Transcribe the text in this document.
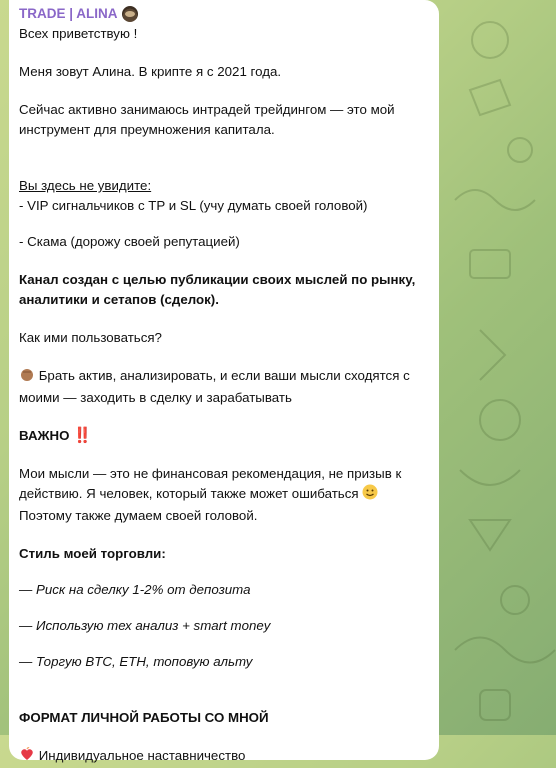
TRADE | ALINA

Всех приветствую !

Меня зовут Алина. В крипте я с 2021 года.

Сейчас активно занимаюсь интрадей трейдингом — это мой инструмент для преумножения капитала.

Вы здесь не увидите:

- VIP сигнальчиков с TP и SL (учу думать своей головой)

- Скама (дорожу своей репутацией)

Канал создан с целью публикации своих мыслей по рынку, аналитики и сетапов (сделок).

Как ими пользоваться?

Брать актив, анализировать, и если ваши мысли сходятся с моими — заходить в сделку и зарабатывать

ВАЖНО ‼️

Мои мысли — это не финансовая рекомендация, не призыв к действию. Я человек, который также может ошибаться

Поэтому также думаем своей головой.

Стиль моей торговли:

— Риск на сделку 1-2% от депозита

— Использую тех анализ + smart money

— Торгую BTC, ETH, топовую альту

ФОРМАТ ЛИЧНОЙ РАБОТЫ СО МНОЙ

Индивидуальное наставничество
